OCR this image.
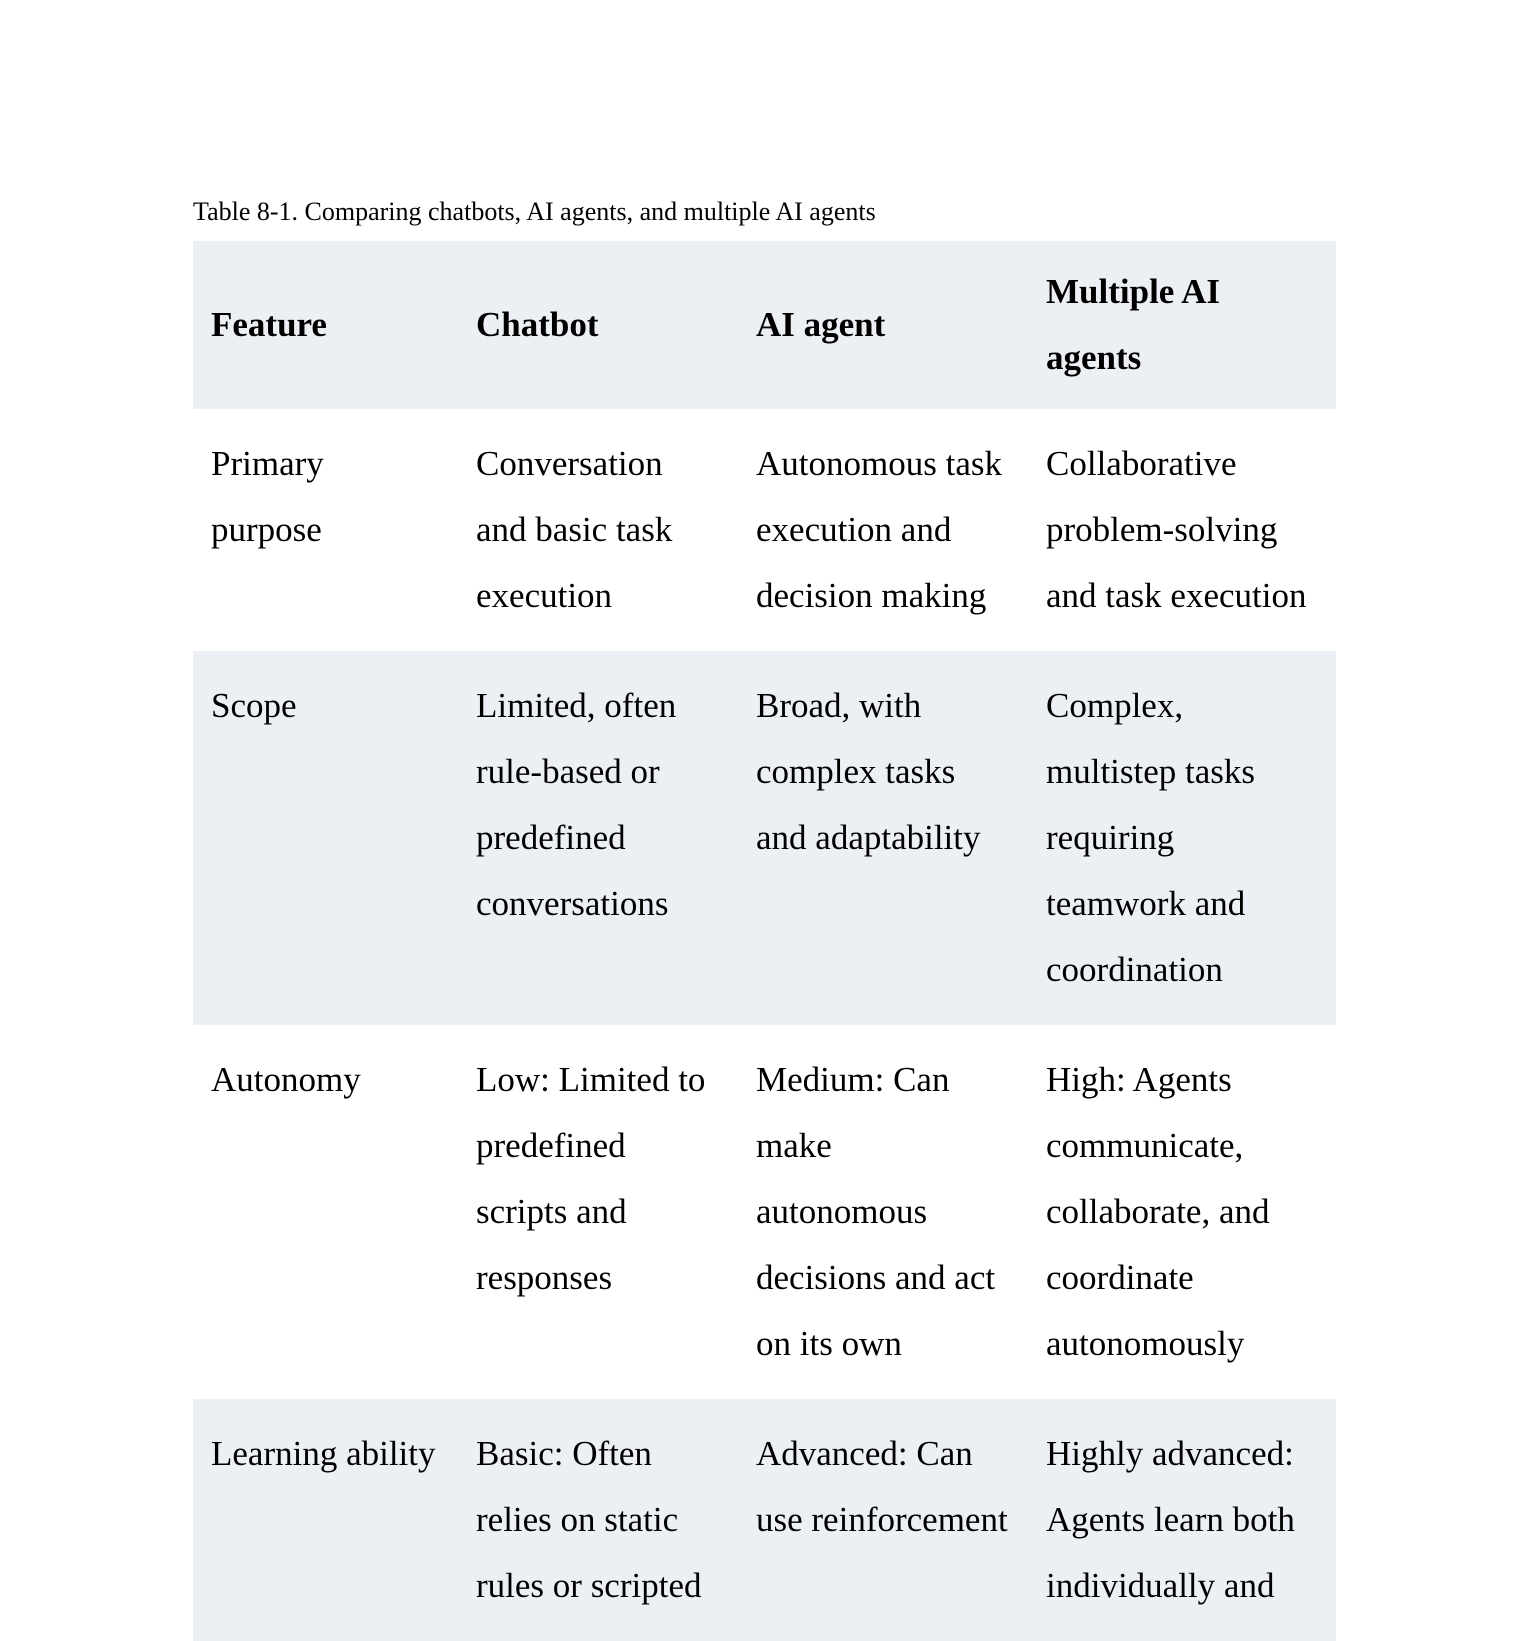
Table 8-1. Comparing chatbots, AI agents, and multiple AI agents
Feature	Chatbot	AI agent	Multiple AI agents
Primary purpose	Conversation and basic task execution	Autonomous task execution and decision making	Collaborative problem-solving and task execution
Scope	Limited, often rule-based or predefined conversations	Broad, with complex tasks and adaptability	Complex, multistep tasks requiring teamwork and coordination
Autonomy	Low: Limited to predefined scripts and responses	Medium: Can make autonomous decisions and act on its own	High: Agents communicate, collaborate, and coordinate autonomously
Learning ability	Basic: Often relies on static rules or scripted	Advanced: Can use reinforcement	Highly advanced: Agents learn both individually and
